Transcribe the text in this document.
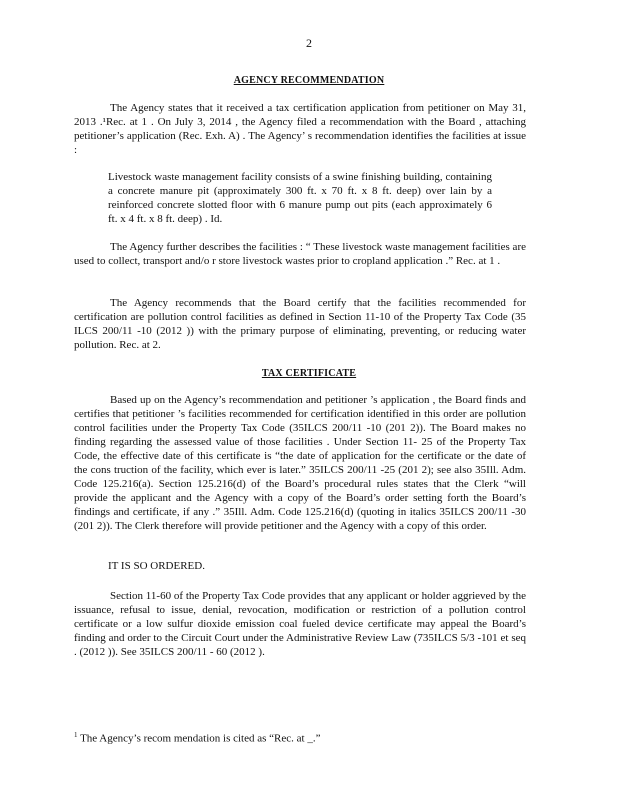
2
AGENCY RECOMMENDATION

The Agency states that it received a tax certification application from petitioner on May 31, 2013 .¹Rec. at 1 . On July 3, 2014 , the Agency filed a recommendation with the Board , attaching petitioner’s application (Rec. Exh. A) . The Agency’ s recommendation identifies the facilities at issue :

Livestock waste management facility consists of a swine finishing building, containing a concrete manure pit (approximately 300 ft. x 70 ft. x 8 ft. deep) over lain by a reinforced concrete slotted floor with 6 manure pump out pits (each approximately 6 ft. x 4 ft. x 8 ft. deep) . Id.

The Agency further describes the facilities : “ These livestock waste management facilities are used to collect, transport and/o r store livestock wastes prior to cropland application .” Rec. at 1 .

The Agency recommends that the Board certify that the facilities recommended for certification are pollution control facilities as defined in Section 11-10 of the Property Tax Code (35 ILCS 200/11 -10 (2012 )) with the primary purpose of eliminating, preventing, or reducing water pollution. Rec. at 2.

TAX CERTIFICATE

Based up on the Agency’s recommendation and petitioner ’s application , the Board finds and certifies that petitioner ’s facilities recommended for certification identified in this order are pollution control facilities under the Property Tax Code (35ILCS 200/11 -10 (201 2)). The Board makes no finding regarding the assessed value of those facilities . Under Section 11- 25 of the Property Tax Code, the effective date of this certificate is “the date of application for the certificate or the date of the cons truction of the facility, which ever is later.” 35ILCS 200/11 -25 (201 2); see also 35Ill. Adm. Code 125.216(a). Section 125.216(d) of the Board’s procedural rules states that the Clerk “will provide the applicant and the Agency with a copy of the Board’s order setting forth the Board’s findings and certificate, if any .” 35Ill. Adm. Code 125.216(d) (quoting in italics 35ILCS 200/11 -30 (201 2)). The Clerk therefore will provide petitioner and the Agency with a copy of this order.

IT IS SO ORDERED.

Section 11-60 of the Property Tax Code provides that any applicant or holder aggrieved by the issuance, refusal to issue, denial, revocation, modification or restriction of a pollution control certificate or a low sulfur dioxide emission coal fueled device certificate may appeal the Board’s finding and order to the Circuit Court under the Administrative Review Law (735ILCS 5/3 -101 et seq . (2012 )). See 35ILCS 200/11 - 60 (2012 ).

$^1$ The Agency’s recom mendation is cited as “Rec. at _.”
